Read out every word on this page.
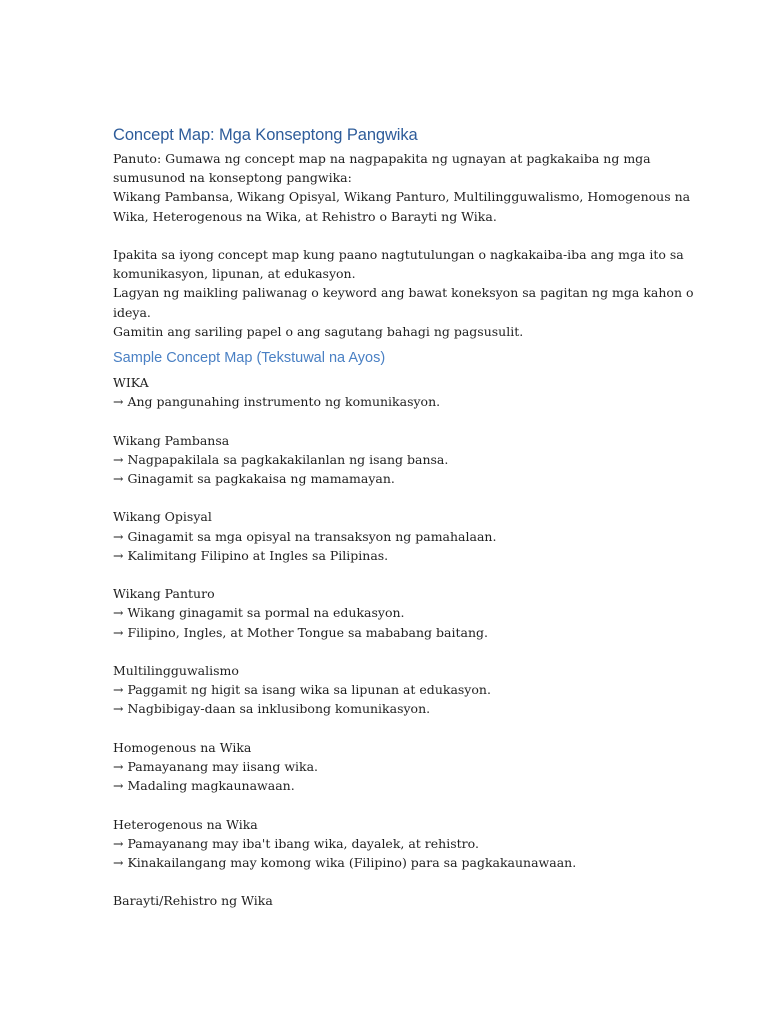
Concept Map: Mga Konseptong Pangwika
Panuto: Gumawa ng concept map na nagpapakita ng ugnayan at pagkakaiba ng mga
sumusunod na konseptong pangwika:
Wikang Pambansa, Wikang Opisyal, Wikang Panturo, Multilingguwalismo, Homogenous na
Wika, Heterogenous na Wika, at Rehistro o Barayti ng Wika.
Ipakita sa iyong concept map kung paano nagtutulungan o nagkakaiba-iba ang mga ito sa
komunikasyon, lipunan, at edukasyon.
Lagyan ng maikling paliwanag o keyword ang bawat koneksyon sa pagitan ng mga kahon o
ideya.
Gamitin ang sariling papel o ang sagutang bahagi ng pagsusulit.
Sample Concept Map (Tekstuwal na Ayos)
WIKA
→ Ang pangunahing instrumento ng komunikasyon.
Wikang Pambansa
→ Nagpapakilala sa pagkakakilanlan ng isang bansa.
→ Ginagamit sa pagkakaisa ng mamamayan.
Wikang Opisyal
→ Ginagamit sa mga opisyal na transaksyon ng pamahalaan.
→ Kalimitang Filipino at Ingles sa Pilipinas.
Wikang Panturo
→ Wikang ginagamit sa pormal na edukasyon.
→ Filipino, Ingles, at Mother Tongue sa mababang baitang.
Multilingguwalismo
→ Paggamit ng higit sa isang wika sa lipunan at edukasyon.
→ Nagbibigay-daan sa inklusibong komunikasyon.
Homogenous na Wika
→ Pamayanang may iisang wika.
→ Madaling magkaunawaan.
Heterogenous na Wika
→ Pamayanang may iba't ibang wika, dayalek, at rehistro.
→ Kinakailangang may komong wika (Filipino) para sa pagkakaunawaan.
Barayti/Rehistro ng Wika
